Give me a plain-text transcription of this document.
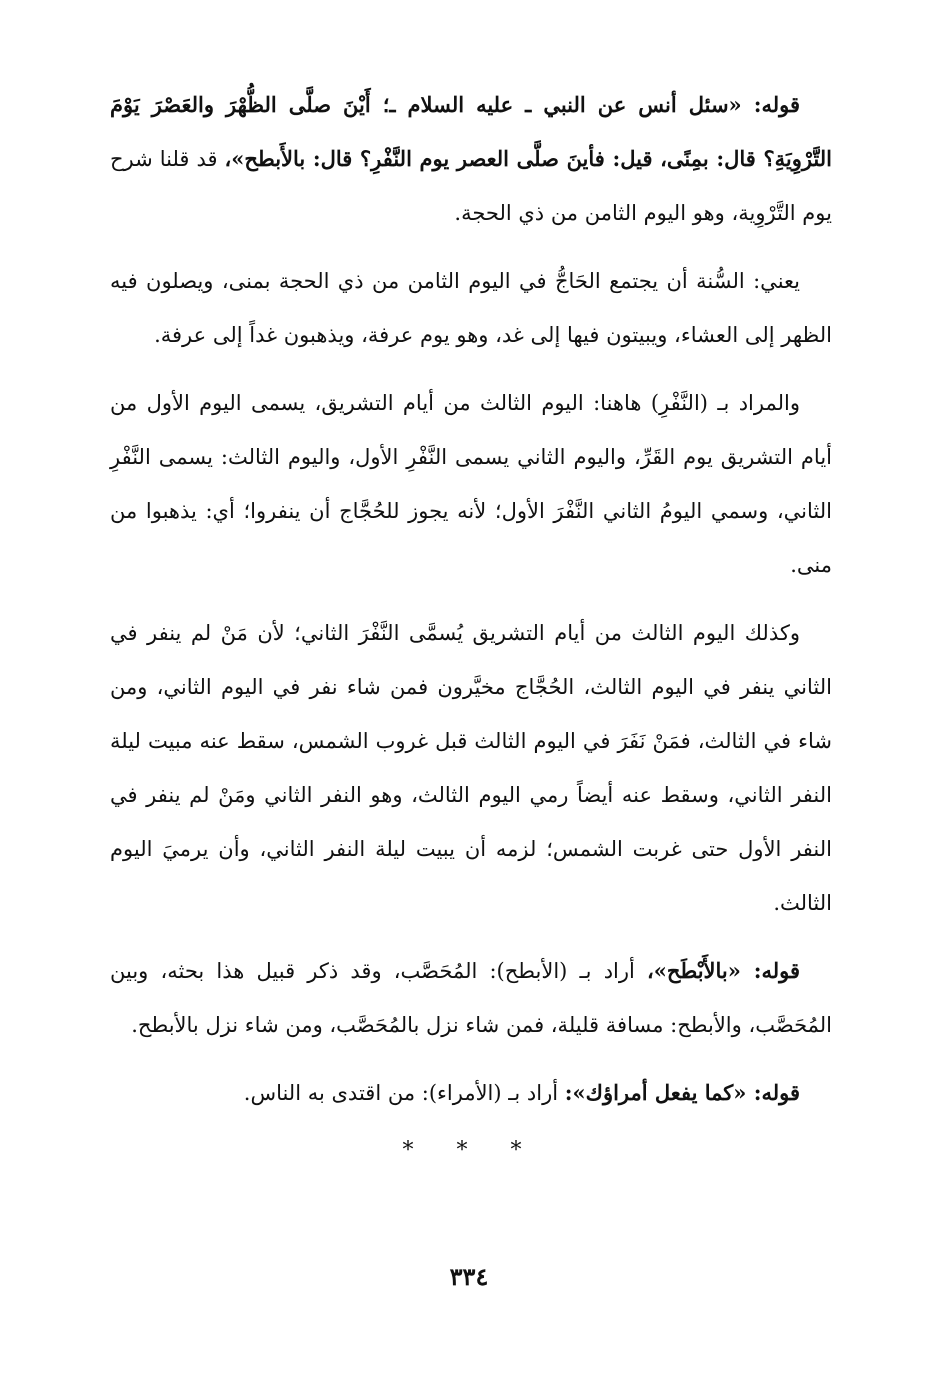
قوله: «سئل أنس عن النبي ـ عليه السلام ـ؛ أَيْنَ صلَّى الظُّهْرَ والعَصْرَ يَوْمَ التَّرْوِيَةِ؟ قال: بمِنًى، قيل: فأينَ صلَّى العصر يوم النَّفْرِ؟ قال: بالأَبطح»، قد قلنا شرح يوم التَّرْوِية، وهو اليوم الثامن من ذي الحجة.

يعني: السُّنة أن يجتمع الحَاجُّ في اليوم الثامن من ذي الحجة بمنى، ويصلون فيه الظهر إلى العشاء، ويبيتون فيها إلى غد، وهو يوم عرفة، ويذهبون غداً إلى عرفة.

والمراد بـ (النَّفْرِ) هاهنا: اليوم الثالث من أيام التشريق، يسمى اليوم الأول من أيام التشريق يوم القَرِّ، واليوم الثاني يسمى النَّفْرِ الأول، واليوم الثالث: يسمى النَّفْرِ الثاني، وسمي اليومُ الثاني النَّفْرَ الأول؛ لأنه يجوز للحُجَّاج أن ينفروا؛ أي: يذهبوا من منى.

وكذلك اليوم الثالث من أيام التشريق يُسمَّى النَّفْرَ الثاني؛ لأن مَنْ لم ينفر في الثاني ينفر في اليوم الثالث، الحُجَّاج مخيَّرون فمن شاء نفر في اليوم الثاني، ومن شاء في الثالث، فمَنْ نَفَرَ في اليوم الثالث قبل غروب الشمس، سقط عنه مبيت ليلة النفر الثاني، وسقط عنه أيضاً رمي اليوم الثالث، وهو النفر الثاني ومَنْ لم ينفر في النفر الأول حتى غربت الشمس؛ لزمه أن يبيت ليلة النفر الثاني، وأن يرميَ اليوم الثالث.

قوله: «بالأَبْطَح»، أراد بـ (الأبطح): المُحَصَّب، وقد ذكر قبيل هذا بحثه، وبين المُحَصَّب، والأبطح: مسافة قليلة، فمن شاء نزل بالمُحَصَّب، ومن شاء نزل بالأبطح.

قوله: «كما يفعل أمراؤك»: أراد بـ (الأمراء): من اقتدى به الناس.

* * *
٣٣٤
